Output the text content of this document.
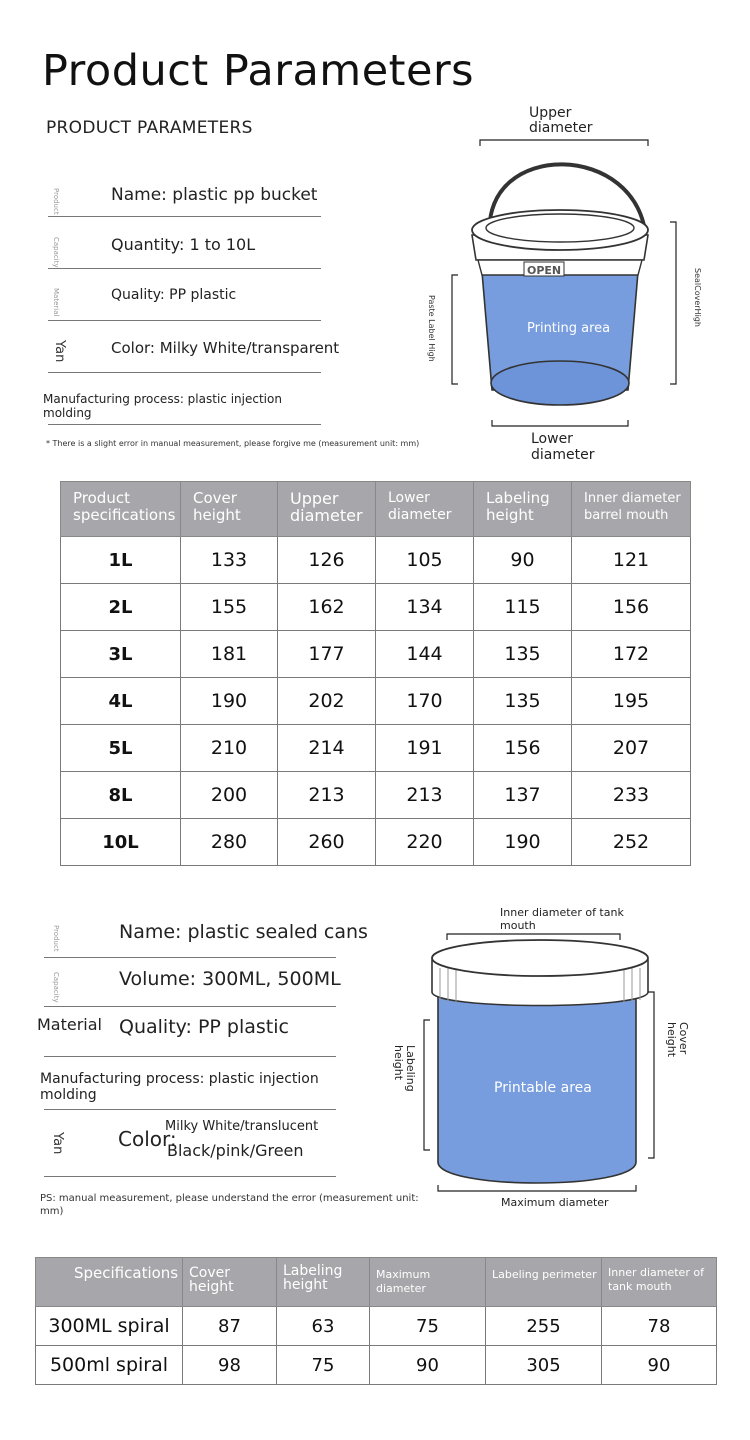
Product Parameters
PRODUCT PARAMETERS
Product	Name: plastic pp bucket
Capacity	Quantity: 1 to 10L
Material	Quality: PP plastic
Yan	Color: Milky White/transparent
Manufacturing process: plastic injection molding
* There is a slight error in manual measurement, please forgive me (measurement unit: mm)
Upper
diameter
OPEN
Printing area
Paste Label High	SealCoverHigh
Lower
diameter
Product specifications	Cover height	Upper diameter	Lower diameter	Labeling height	Inner diameter barrel mouth
1L	133	126	105	90	121
2L	155	162	134	115	156
3L	181	177	144	135	172
4L	190	202	170	135	195
5L	210	214	191	156	207
8L	200	213	213	137	233
10L	280	260	220	190	252
Product	Name: plastic sealed cans
Capacity	Volume: 300ML, 500ML
Material Quality: PP plastic
Manufacturing process: plastic injection molding
Yan	Color:
Milky White/translucent
Black/pink/Green
PS: manual measurement, please understand the error (measurement unit: mm)
Inner diameter of tank
mouth
Printable area
Labeling
height
Cover
height
Maximum diameter
Specifications	Cover height	Labeling height	Maximum diameter	Labeling perimeter	Inner diameter of tank mouth
300ML spiral	87	63	75	255	78
500ml spiral	98	75	90	305	90
